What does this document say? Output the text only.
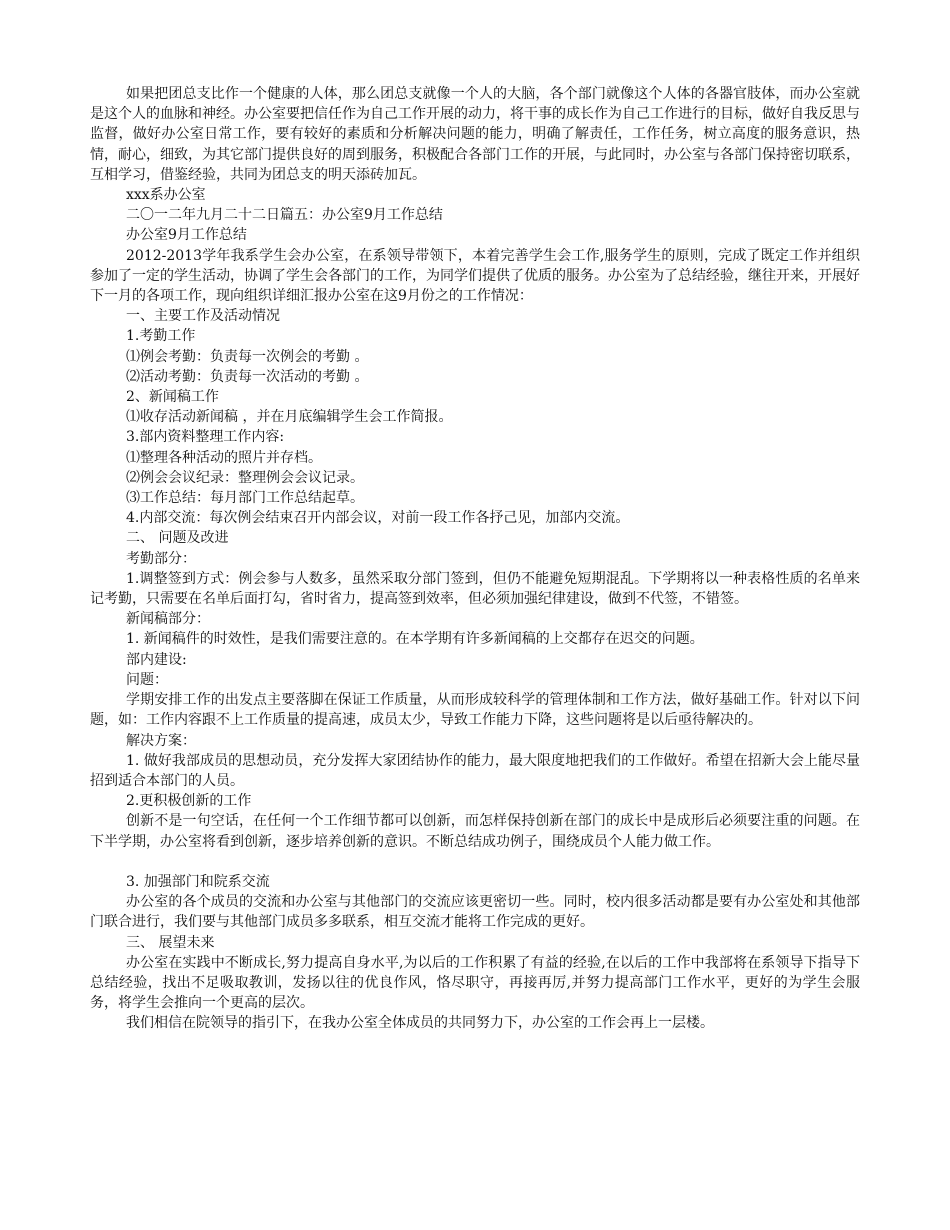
如果把团总支比作一个健康的人体，那么团总支就像一个人的大脑，各个部门就像这个人体的各器官肢体，而办公室就是这个人的血脉和神经。办公室要把信任作为自己工作开展的动力，将干事的成长作为自己工作进行的目标，做好自我反思与监督，做好办公室日常工作，要有较好的素质和分析解决问题的能力，明确了解责任，工作任务，树立高度的服务意识，热情，耐心，细致，为其它部门提供良好的周到服务，积极配合各部门工作的开展，与此同时，办公室与各部门保持密切联系，互相学习，借鉴经验，共同为团总支的明天添砖加瓦。

xxx系办公室

二〇一二年九月二十二日篇五：办公室9月工作总结

办公室9月工作总结

2012-2013学年我系学生会办公室，在系领导带领下，本着完善学生会工作,服务学生的原则，完成了既定工作并组织参加了一定的学生活动，协调了学生会各部门的工作，为同学们提供了优质的服务。办公室为了总结经验，继往开来，开展好下一月的各项工作，现向组织详细汇报办公室在这9月份之的工作情况：

一、主要工作及活动情况

1.考勤工作

⑴例会考勤：负责每一次例会的考勤 。

⑵活动考勤：负责每一次活动的考勤 。

2、新闻稿工作

⑴收存活动新闻稿 ，并在月底编辑学生会工作简报。

3.部内资料整理工作内容:

⑴整理各种活动的照片并存档。

⑵例会会议纪录：整理例会会议记录。

⑶工作总结：每月部门工作总结起草。

4.内部交流：每次例会结束召开内部会议，对前一段工作各抒己见，加部内交流。

二、 问题及改进

考勤部分：

1.调整签到方式：例会参与人数多，虽然采取分部门签到，但仍不能避免短期混乱。下学期将以一种表格性质的名单来记考勤，只需要在名单后面打勾，省时省力，提高签到效率，但必须加强纪律建设，做到不代签，不错签。

新闻稿部分：

1. 新闻稿件的时效性，是我们需要注意的。在本学期有许多新闻稿的上交都存在迟交的问题。

部内建设:

问题：

学期安排工作的出发点主要落脚在保证工作质量，从而形成较科学的管理体制和工作方法，做好基础工作。针对以下问题，如：工作内容跟不上工作质量的提高速，成员太少，导致工作能力下降，这些问题将是以后亟待解决的。

解决方案：

1. 做好我部成员的思想动员，充分发挥大家团结协作的能力，最大限度地把我们的工作做好。希望在招新大会上能尽量招到适合本部门的人员。

2.更积极创新的工作

创新不是一句空话，在任何一个工作细节都可以创新，而怎样保持创新在部门的成长中是成形后必须要注重的问题。在下半学期，办公室将看到创新，逐步培养创新的意识。不断总结成功例子，围绕成员个人能力做工作。

3. 加强部门和院系交流

办公室的各个成员的交流和办公室与其他部门的交流应该更密切一些。同时，校内很多活动都是要有办公室处和其他部门联合进行，我们要与其他部门成员多多联系，相互交流才能将工作完成的更好。

三、 展望未来

办公室在实践中不断成长,努力提高自身水平,为以后的工作积累了有益的经验,在以后的工作中我部将在系领导下指导下总结经验，找出不足吸取教训，发扬以往的优良作风，恪尽职守，再接再厉,并努力提高部门工作水平，更好的为学生会服务，将学生会推向一个更高的层次。

我们相信在院领导的指引下，在我办公室全体成员的共同努力下，办公室的工作会再上一层楼。
